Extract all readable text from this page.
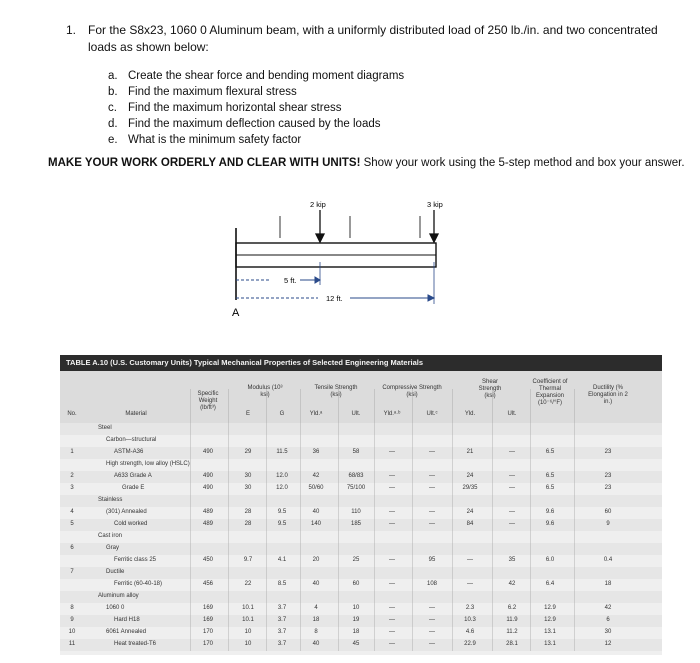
1. For the S8x23, 1060 0 Aluminum beam, with a uniformly distributed load of 250 lb./in. and two concentrated loads as shown below:
a. Create the shear force and bending moment diagrams
b. Find the maximum flexural stress
c. Find the maximum horizontal shear stress
d. Find the maximum deflection caused by the loads
e. What is the minimum safety factor
MAKE YOUR WORK ORDERLY AND CLEAR WITH UNITS! Show your work using the 5-step method and box your answer.
2 kip	3 kip
5 ft.
12 ft.
A
TABLE A.10 (U.S. Customary Units) Typical Mechanical Properties of Selected Engineering Materials
No.	Material
Specific Weight (lb/ft³)
Modulus (10³ ksi)
E	G
Tensile Strength (ksi)
Yld.ᵃ	Ult.
Compressive Strength (ksi)
Yld.ᵃ·ᵇ	Ult.ᶜ
Shear Strength (ksi)
Yld.	Ult.
Coefficient of Thermal Expansion (10⁻⁶/°F)
Ductility (% Elongation in 2 in.)
Steel
Carbon—structural
1	ASTM-A36	490	29	11.5	36	58	—	—	21	—	6.5	23
High strength, low alloy (HSLC)
2	A633 Grade A	490	30	12.0	42	68/83	—	—	24	—	6.5	23
3	Grade E	490	30	12.0	50/60	75/100	—	—	29/35	—	6.5	23
Stainless
4	(301) Annealed	489	28	9.5	40	110	—	—	24	—	9.6	60
5	Cold worked	489	28	9.5	140	185	—	—	84	—	9.6	9
Cast iron
6	Gray
Ferritic class 25	450	9.7	4.1	20	25	—	95	—	35	6.0	0.4
7	Ductile
Ferritic (60-40-18)	456	22	8.5	40	60	—	108	—	42	6.4	18
Aluminum alloy
8	1060 0	169	10.1	3.7	4	10	—	—	2.3	6.2	12.9	42
9	Hard H18	169	10.1	3.7	18	19	—	—	10.3	11.9	12.9	6
10	6061 Annealed	170	10	3.7	8	18	—	—	4.6	11.2	13.1	30
11	Heat treated-T6	170	10	3.7	40	45	—	—	22.9	28.1	13.1	12
